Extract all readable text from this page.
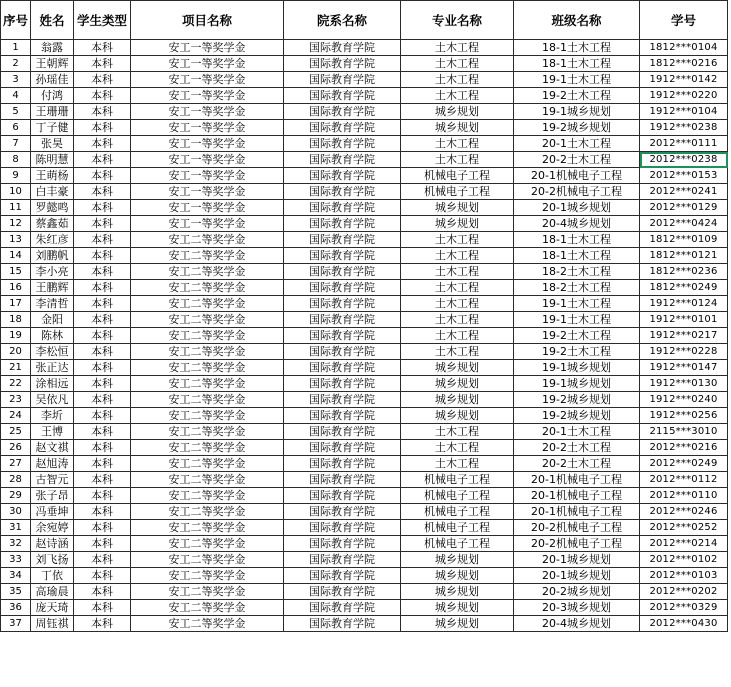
序号	姓名	学生类型	项目名称	院系名称	专业名称	班级名称	学号
1	翁露	本科	安工一等奖学金	国际教育学院	土木工程	18-1土木工程	1812***0104
2	王朝辉	本科	安工一等奖学金	国际教育学院	土木工程	18-1土木工程	1812***0216
3	孙瑶佳	本科	安工一等奖学金	国际教育学院	土木工程	19-1土木工程	1912***0142
4	付鸿	本科	安工一等奖学金	国际教育学院	土木工程	19-2土木工程	1912***0220
5	王珊珊	本科	安工一等奖学金	国际教育学院	城乡规划	19-1城乡规划	1912***0104
6	丁子健	本科	安工一等奖学金	国际教育学院	城乡规划	19-2城乡规划	1912***0238
7	张昊	本科	安工一等奖学金	国际教育学院	土木工程	20-1土木工程	2012***0111
8	陈明慧	本科	安工一等奖学金	国际教育学院	土木工程	20-2土木工程	2012***0238
9	王萌杨	本科	安工一等奖学金	国际教育学院	机械电子工程	20-1机械电子工程	2012***0153
10	白丰豪	本科	安工一等奖学金	国际教育学院	机械电子工程	20-2机械电子工程	2012***0241
11	罗懿鸣	本科	安工一等奖学金	国际教育学院	城乡规划	20-1城乡规划	2012***0129
12	蔡鑫茹	本科	安工一等奖学金	国际教育学院	城乡规划	20-4城乡规划	2012***0424
13	朱红彦	本科	安工二等奖学金	国际教育学院	土木工程	18-1土木工程	1812***0109
14	刘鹏帆	本科	安工二等奖学金	国际教育学院	土木工程	18-1土木工程	1812***0121
15	李小亮	本科	安工二等奖学金	国际教育学院	土木工程	18-2土木工程	1812***0236
16	王鹏辉	本科	安工二等奖学金	国际教育学院	土木工程	18-2土木工程	1812***0249
17	李清哲	本科	安工二等奖学金	国际教育学院	土木工程	19-1土木工程	1912***0124
18	金阳	本科	安工二等奖学金	国际教育学院	土木工程	19-1土木工程	1912***0101
19	陈林	本科	安工二等奖学金	国际教育学院	土木工程	19-2土木工程	1912***0217
20	李松恒	本科	安工二等奖学金	国际教育学院	土木工程	19-2土木工程	1912***0228
21	张正达	本科	安工二等奖学金	国际教育学院	城乡规划	19-1城乡规划	1912***0147
22	涂相远	本科	安工二等奖学金	国际教育学院	城乡规划	19-1城乡规划	1912***0130
23	吴依凡	本科	安工二等奖学金	国际教育学院	城乡规划	19-2城乡规划	1912***0240
24	李圻	本科	安工二等奖学金	国际教育学院	城乡规划	19-2城乡规划	1912***0256
25	王博	本科	安工二等奖学金	国际教育学院	土木工程	20-1土木工程	2115***3010
26	赵文祺	本科	安工二等奖学金	国际教育学院	土木工程	20-2土木工程	2012***0216
27	赵旭涛	本科	安工二等奖学金	国际教育学院	土木工程	20-2土木工程	2012***0249
28	古智元	本科	安工二等奖学金	国际教育学院	机械电子工程	20-1机械电子工程	2012***0112
29	张子昂	本科	安工二等奖学金	国际教育学院	机械电子工程	20-1机械电子工程	2012***0110
30	冯垂坤	本科	安工二等奖学金	国际教育学院	机械电子工程	20-1机械电子工程	2012***0246
31	余宛婷	本科	安工二等奖学金	国际教育学院	机械电子工程	20-2机械电子工程	2012***0252
32	赵诗涵	本科	安工二等奖学金	国际教育学院	机械电子工程	20-2机械电子工程	2012***0214
33	刘飞扬	本科	安工二等奖学金	国际教育学院	城乡规划	20-1城乡规划	2012***0102
34	丁依	本科	安工二等奖学金	国际教育学院	城乡规划	20-1城乡规划	2012***0103
35	高瑜晨	本科	安工二等奖学金	国际教育学院	城乡规划	20-2城乡规划	2012***0202
36	庞天琦	本科	安工二等奖学金	国际教育学院	城乡规划	20-3城乡规划	2012***0329
37	周钰祺	本科	安工二等奖学金	国际教育学院	城乡规划	20-4城乡规划	2012***0430
